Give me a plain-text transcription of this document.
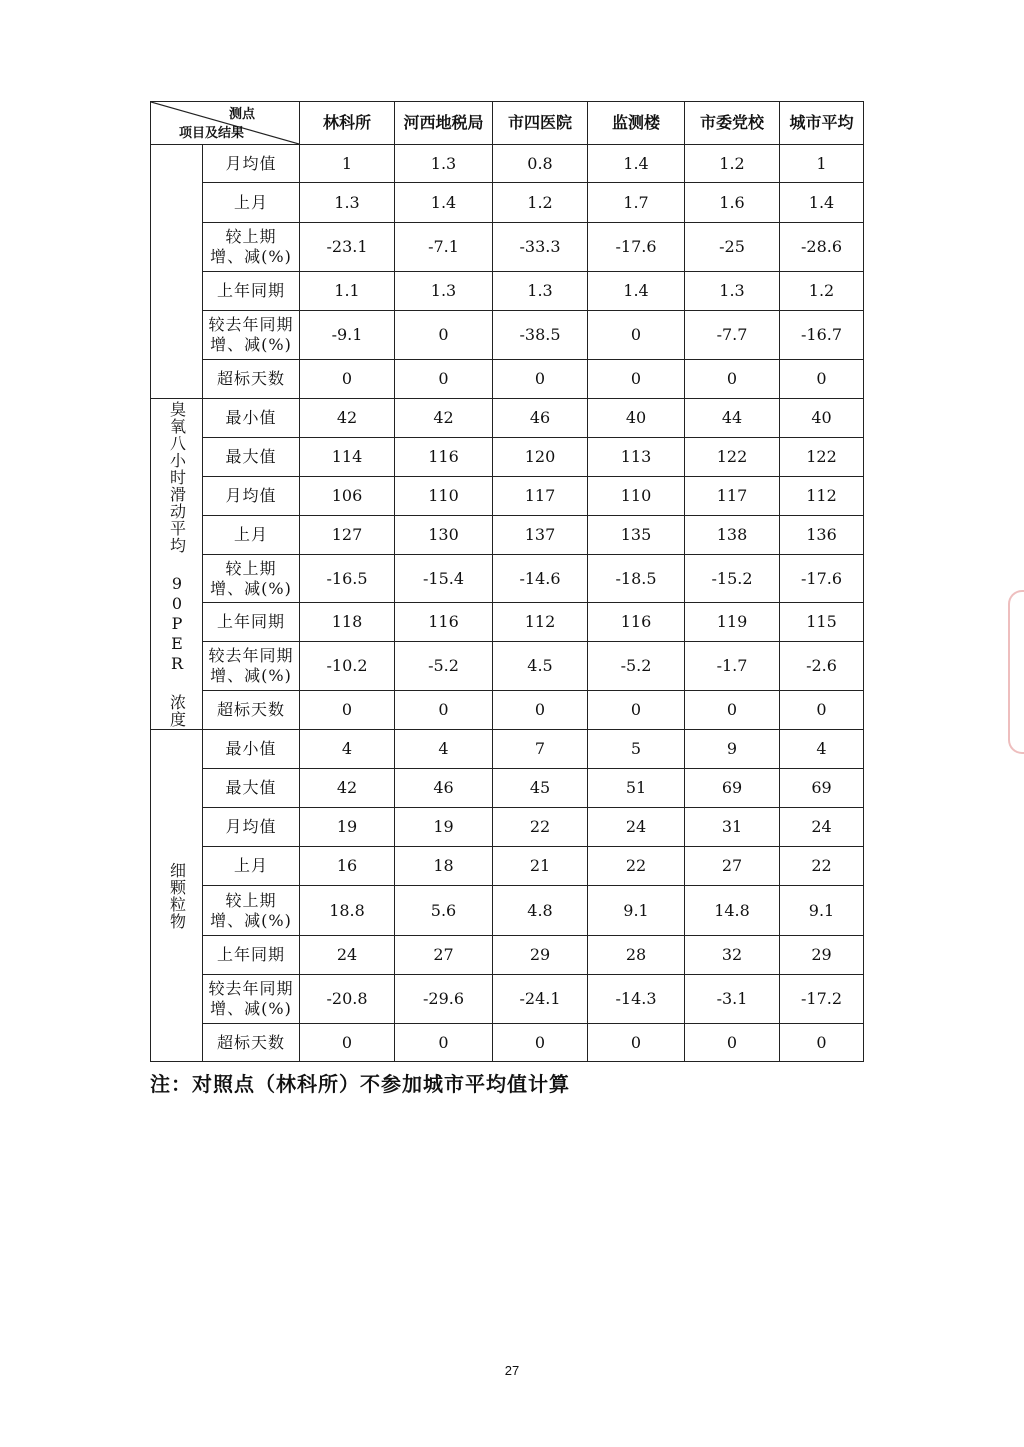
测点
项目及结果		林科所	河西地税局	市四医院	监测楼	市委党校	城市平均
	月均值	1	1.3	0.8	1.4	1.2	1
	上月	1.3	1.4	1.2	1.7	1.6	1.4
	较上期
增、减(%)	-23.1	-7.1	-33.3	-17.6	-25	-28.6
	上年同期	1.1	1.3	1.3	1.4	1.3	1.2
	较去年同期
增、减(%)	-9.1	0	-38.5	0	-7.7	-16.7
	超标天数	0	0	0	0	0	0
臭氧八小时滑动平均 90PER 浓度	最小值	42	42	46	40	44	40
	最大值	114	116	120	113	122	122
	月均值	106	110	117	110	117	112
	上月	127	130	137	135	138	136
	较上期
增、减(%)	-16.5	-15.4	-14.6	-18.5	-15.2	-17.6
	上年同期	118	116	112	116	119	115
	较去年同期
增、减(%)	-10.2	-5.2	4.5	-5.2	-1.7	-2.6
	超标天数	0	0	0	0	0	0
细颗粒物	最小值	4	4	7	5	9	4
	最大值	42	46	45	51	69	69
	月均值	19	19	22	24	31	24
	上月	16	18	21	22	27	22
	较上期
增、减(%)	18.8	5.6	4.8	9.1	14.8	9.1
	上年同期	24	27	29	28	32	29
	较去年同期
增、减(%)	-20.8	-29.6	-24.1	-14.3	-3.1	-17.2
	超标天数	0	0	0	0	0	0
注：对照点（林科所）不参加城市平均值计算
27
